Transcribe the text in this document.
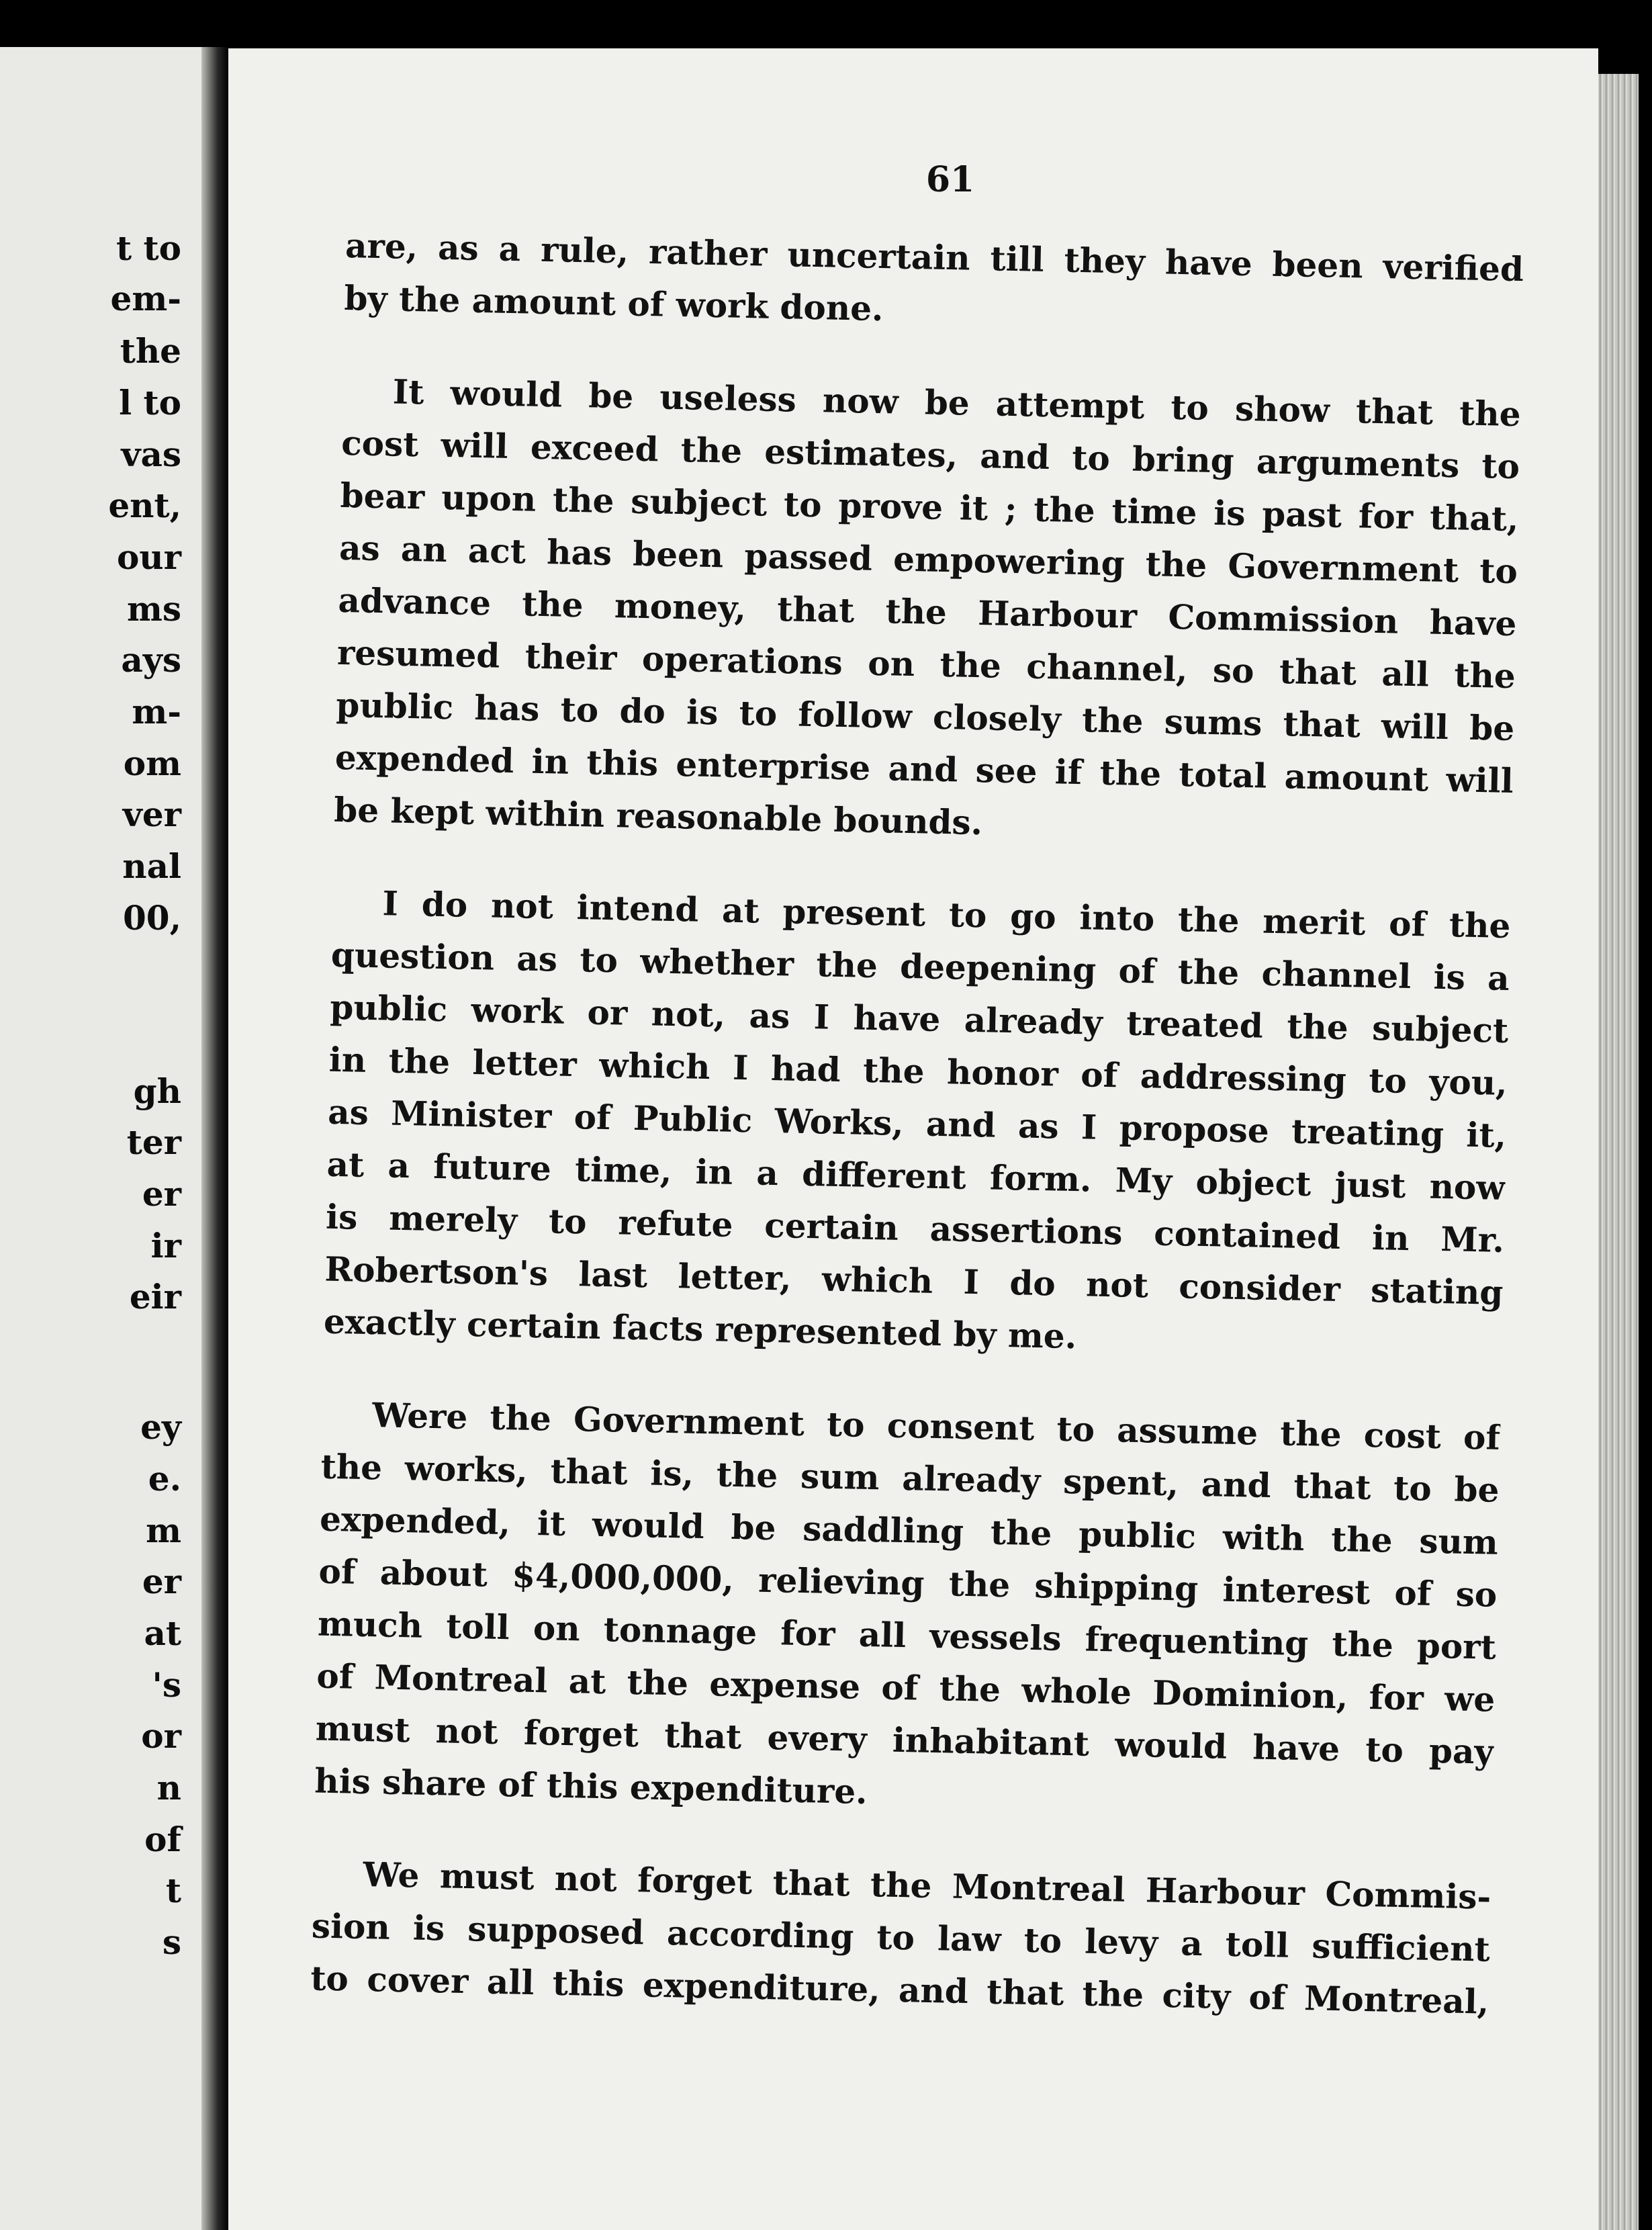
t to
em-
the
l to
vas
ent,
our
ms
ays
m-
om
ver
nal
00,
gh
ter
er
ir
eir
ey
e.
m
er
at
's
or
n
of
t
s
61
are, as a rule, rather uncertain till they have been verified
by the amount of work done.
It would be useless now be attempt to show that the
cost will exceed the estimates, and to bring arguments to
bear upon the subject to prove it ; the time is past for that,
as an act has been passed empowering the Government to
advance the money, that the Harbour Commission have
resumed their operations on the channel, so that all the
public has to do is to follow closely the sums that will be
expended in this enterprise and see if the total amount will
be kept within reasonable bounds.
I do not intend at present to go into the merit of the
question as to whether the deepening of the channel is a
public work or not, as I have already treated the subject
in the letter which I had the honor of addressing to you,
as Minister of Public Works, and as I propose treating it,
at a future time, in a different form. My object just now
is merely to refute certain assertions contained in Mr.
Robertson's last letter, which I do not consider stating
exactly certain facts represented by me.
Were the Government to consent to assume the cost of
the works, that is, the sum already spent, and that to be
expended, it would be saddling the public with the sum
of about $4,000,000, relieving the shipping interest of so
much toll on tonnage for all vessels frequenting the port
of Montreal at the expense of the whole Dominion, for we
must not forget that every inhabitant would have to pay
his share of this expenditure.
We must not forget that the Montreal Harbour Commis-
sion is supposed according to law to levy a toll sufficient
to cover all this expenditure, and that the city of Montreal,
